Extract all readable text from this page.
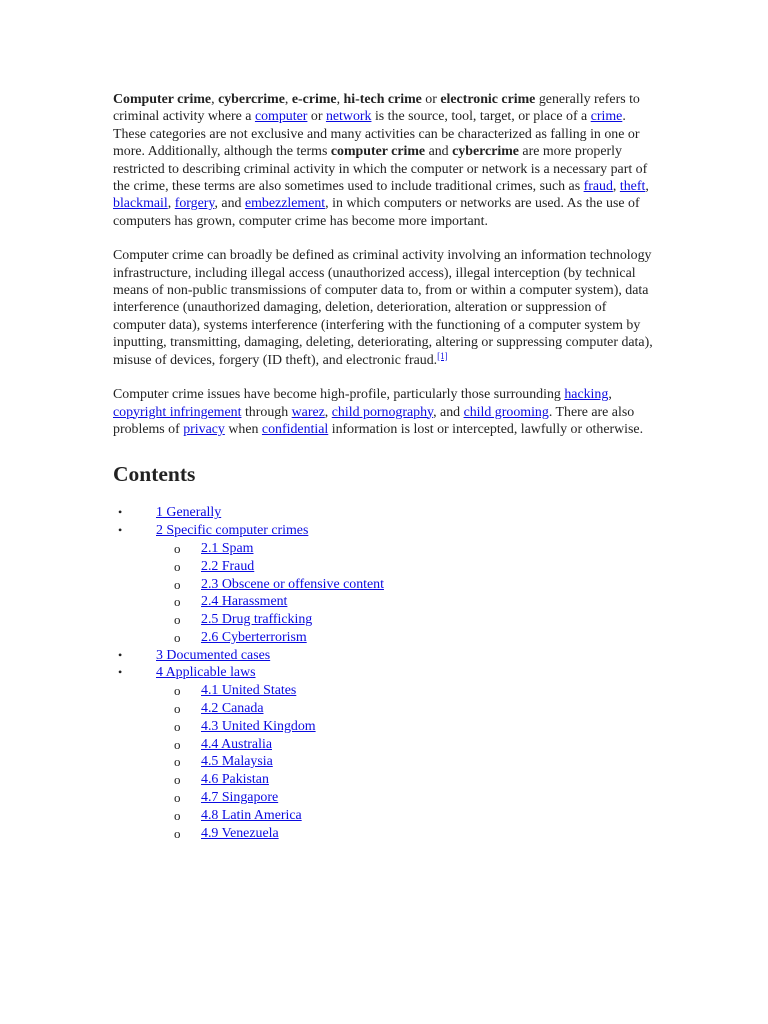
Computer crime, cybercrime, e-crime, hi-tech crime or electronic crime generally refers to criminal activity where a computer or network is the source, tool, target, or place of a crime. These categories are not exclusive and many activities can be characterized as falling in one or more. Additionally, although the terms computer crime and cybercrime are more properly restricted to describing criminal activity in which the computer or network is a necessary part of the crime, these terms are also sometimes used to include traditional crimes, such as fraud, theft, blackmail, forgery, and embezzlement, in which computers or networks are used. As the use of computers has grown, computer crime has become more important.

Computer crime can broadly be defined as criminal activity involving an information technology infrastructure, including illegal access (unauthorized access), illegal interception (by technical means of non-public transmissions of computer data to, from or within a computer system), data interference (unauthorized damaging, deletion, deterioration, alteration or suppression of computer data), systems interference (interfering with the functioning of a computer system by inputting, transmitting, damaging, deleting, deteriorating, altering or suppressing computer data), misuse of devices, forgery (ID theft), and electronic fraud.[1]

Computer crime issues have become high-profile, particularly those surrounding hacking, copyright infringement through warez, child pornography, and child grooming. There are also problems of privacy when confidential information is lost or intercepted, lawfully or otherwise.

Contents
• 1 Generally
• 2 Specific computer crimes
o 2.1 Spam
o 2.2 Fraud
o 2.3 Obscene or offensive content
o 2.4 Harassment
o 2.5 Drug trafficking
o 2.6 Cyberterrorism
• 3 Documented cases
• 4 Applicable laws
o 4.1 United States
o 4.2 Canada
o 4.3 United Kingdom
o 4.4 Australia
o 4.5 Malaysia
o 4.6 Pakistan
o 4.7 Singapore
o 4.8 Latin America
o 4.9 Venezuela
